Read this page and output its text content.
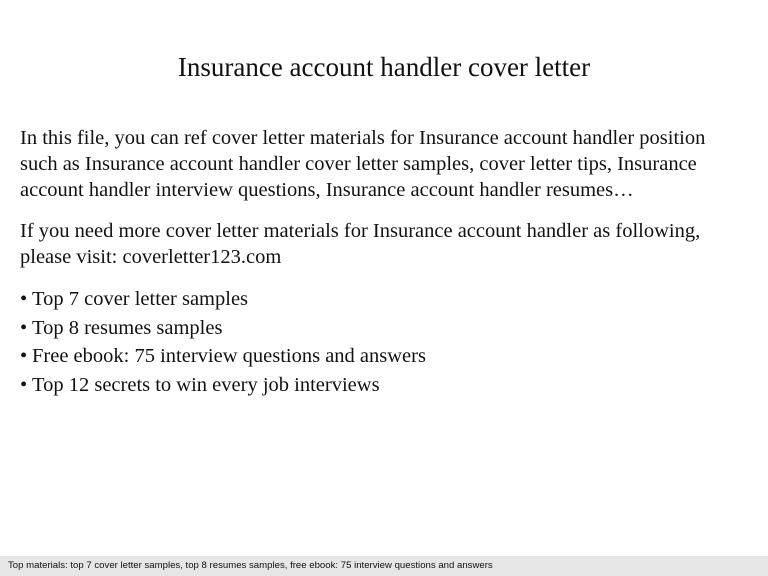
Insurance account handler cover letter
In this file, you can ref cover letter materials for Insurance account handler position
such as Insurance account handler cover letter samples, cover letter tips, Insurance
account handler interview questions, Insurance account handler resumes…
If you need more cover letter materials for Insurance account handler as following,
please visit: coverletter123.com
• Top 7 cover letter samples
• Top 8 resumes samples
• Free ebook: 75 interview questions and answers
• Top 12 secrets to win every job interviews
Top materials: top 7 cover letter samples, top 8 resumes samples, free ebook: 75 interview questions and answers
